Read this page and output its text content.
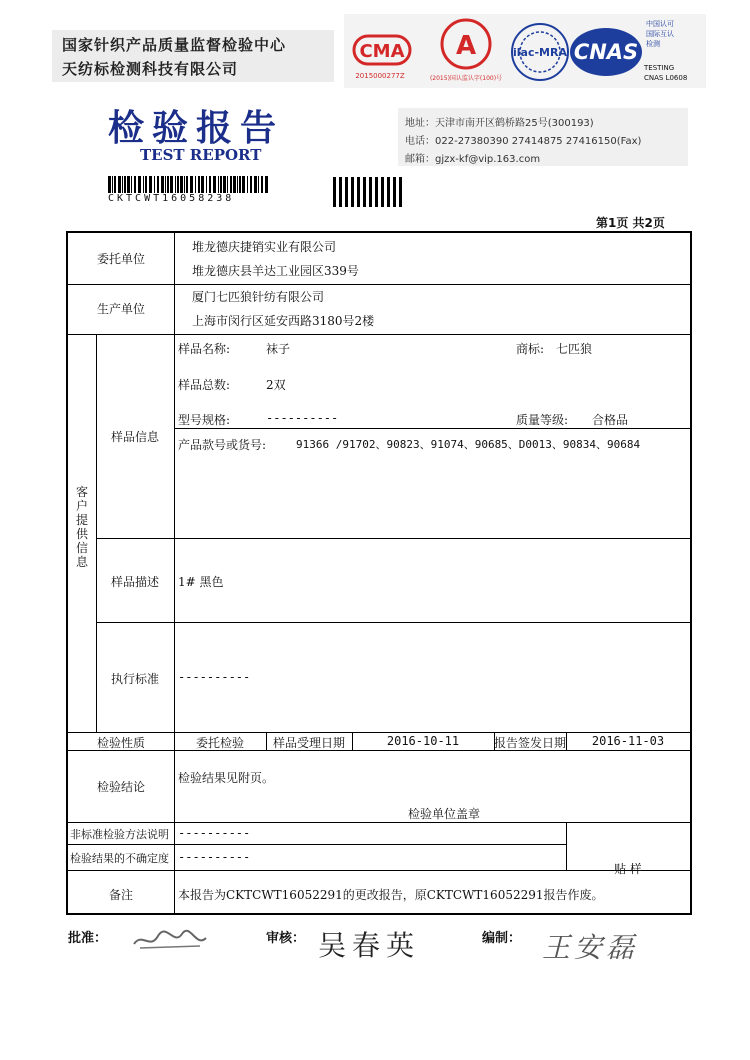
国家针织产品质量监督检验中心
天纺标检测科技有限公司
CMA
2015000277Z
A
(2015)国认监认字(100)号
ilac-MRA CNAS
中国认可
国际互认
检测
TESTING
CNAS L0608
检验报告
TEST REPORT
地址：天津市南开区鹤桥路25号(300193)
电话：022-27380390 27414875 27416150(Fax)
邮箱：gjzx-kf@vip.163.com
CKTCWT16058238
第1页 共2页
委托单位
堆龙德庆捷销实业有限公司
堆龙德庆县羊达工业园区339号
生产单位
厦门七匹狼针纺有限公司
上海市闵行区延安西路3180号2楼
客
户
提
供
信
息
样品信息
样品名称:	袜子	商标: 七匹狼
样品总数:	2双
型号规格:	----------	质量等级: 合格品
产品款号或货号:	91366 /91702、90823、91074、90685、D0013、90834、90684
样品描述	1# 黑色
执行标准	----------
检验性质	委托检验	样品受理日期	2016-10-11	报告签发日期	2016-11-03
检验结论
检验结果见附页。
检验单位盖章
非标准检验方法说明 ----------
检验结果的不确定度 ----------
贴 样
备注	本报告为CKTCWT16052291的更改报告，原CKTCWT16052291报告作废。
批准：	审核： 吴春英	编制： 王安磊
